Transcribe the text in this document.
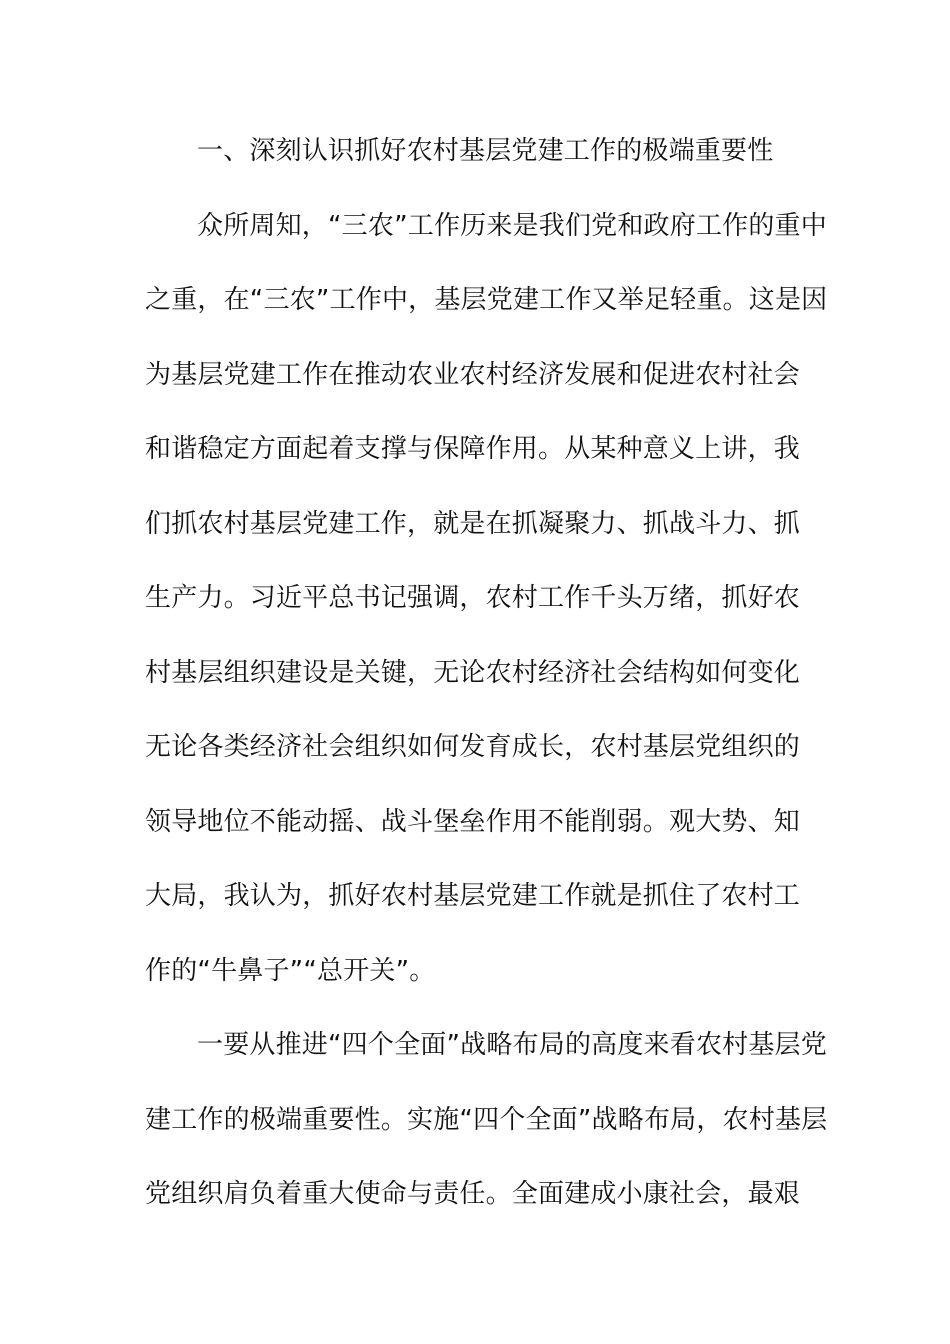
一、深刻认识抓好农村基层党建工作的极端重要性
众所周知，“三农”工作历来是我们党和政府工作的重中
之重，在“三农”工作中，基层党建工作又举足轻重。这是因
为基层党建工作在推动农业农村经济发展和促进农村社会
和谐稳定方面起着支撑与保障作用。从某种意义上讲，我
们抓农村基层党建工作，就是在抓凝聚力、抓战斗力、抓
生产力。习近平总书记强调，农村工作千头万绪，抓好农
村基层组织建设是关键，无论农村经济社会结构如何变化
无论各类经济社会组织如何发育成长，农村基层党组织的
领导地位不能动摇、战斗堡垒作用不能削弱。观大势、知
大局，我认为，抓好农村基层党建工作就是抓住了农村工
作的“牛鼻子”“总开关”。
一要从推进“四个全面”战略布局的高度来看农村基层党
建工作的极端重要性。实施“四个全面”战略布局，农村基层
党组织肩负着重大使命与责任。全面建成小康社会，最艰
